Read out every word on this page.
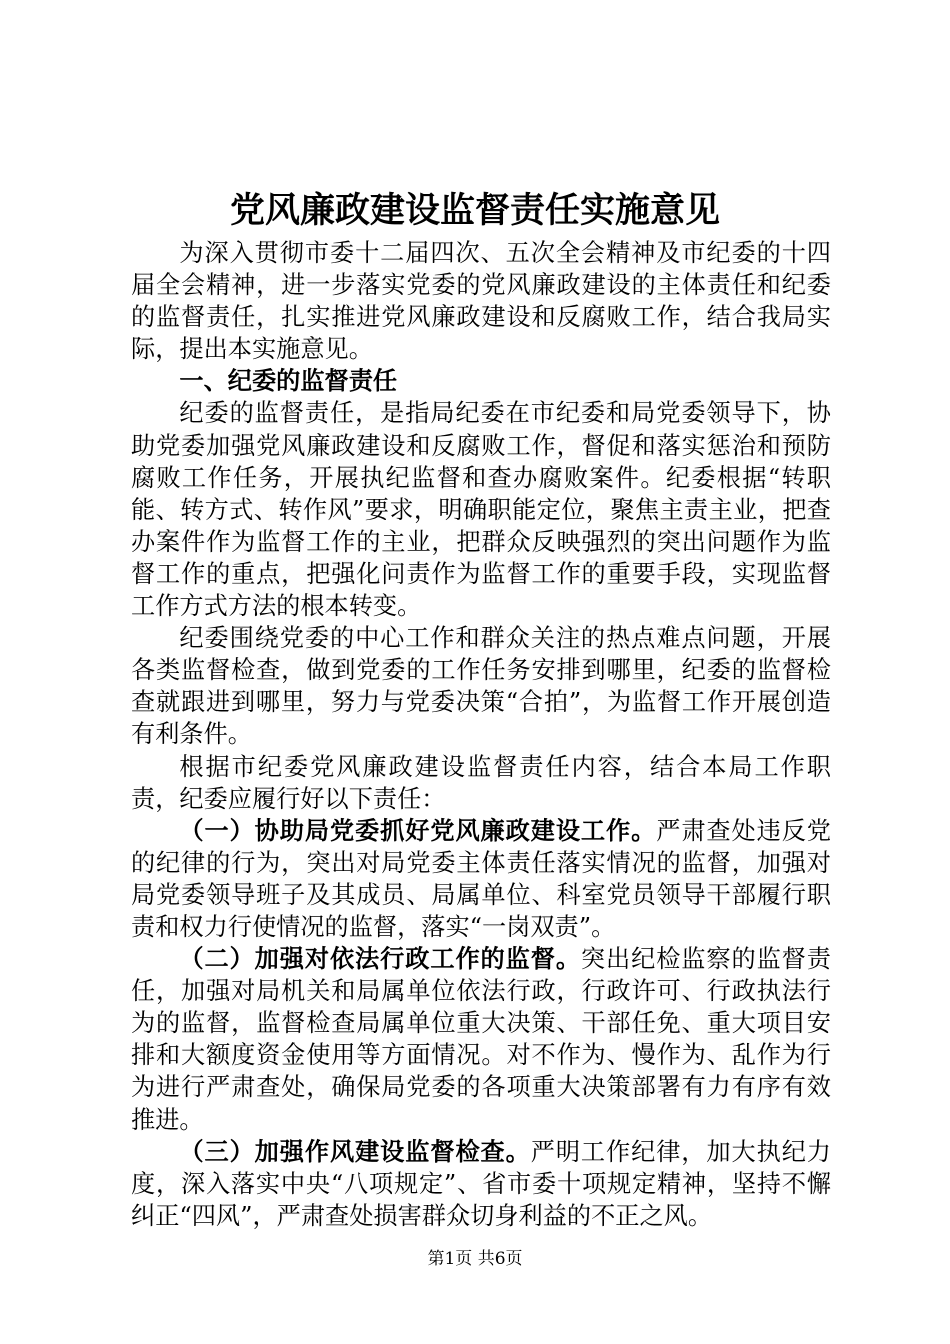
党风廉政建设监督责任实施意见

为深入贯彻市委十二届四次、五次全会精神及市纪委的十四届全会精神，进一步落实党委的党风廉政建设的主体责任和纪委的监督责任，扎实推进党风廉政建设和反腐败工作，结合我局实际，提出本实施意见。

一、纪委的监督责任

纪委的监督责任，是指局纪委在市纪委和局党委领导下，协助党委加强党风廉政建设和反腐败工作，督促和落实惩治和预防腐败工作任务，开展执纪监督和查办腐败案件。纪委根据“转职能、转方式、转作风”要求，明确职能定位，聚焦主责主业，把查办案件作为监督工作的主业，把群众反映强烈的突出问题作为监督工作的重点，把强化问责作为监督工作的重要手段，实现监督工作方式方法的根本转变。

纪委围绕党委的中心工作和群众关注的热点难点问题，开展各类监督检查，做到党委的工作任务安排到哪里，纪委的监督检查就跟进到哪里，努力与党委决策“合拍”，为监督工作开展创造有利条件。

根据市纪委党风廉政建设监督责任内容，结合本局工作职责，纪委应履行好以下责任：

（一）协助局党委抓好党风廉政建设工作。严肃查处违反党的纪律的行为，突出对局党委主体责任落实情况的监督，加强对局党委领导班子及其成员、局属单位、科室党员领导干部履行职责和权力行使情况的监督，落实“一岗双责”。

（二）加强对依法行政工作的监督。突出纪检监察的监督责任，加强对局机关和局属单位依法行政，行政许可、行政执法行为的监督，监督检查局属单位重大决策、干部任免、重大项目安排和大额度资金使用等方面情况。对不作为、慢作为、乱作为行为进行严肃查处，确保局党委的各项重大决策部署有力有序有效推进。

（三）加强作风建设监督检查。严明工作纪律，加大执纪力度，深入落实中央“八项规定”、省市委十项规定精神，坚持不懈纠正“四风”，严肃查处损害群众切身利益的不正之风。

第1页 共6页
